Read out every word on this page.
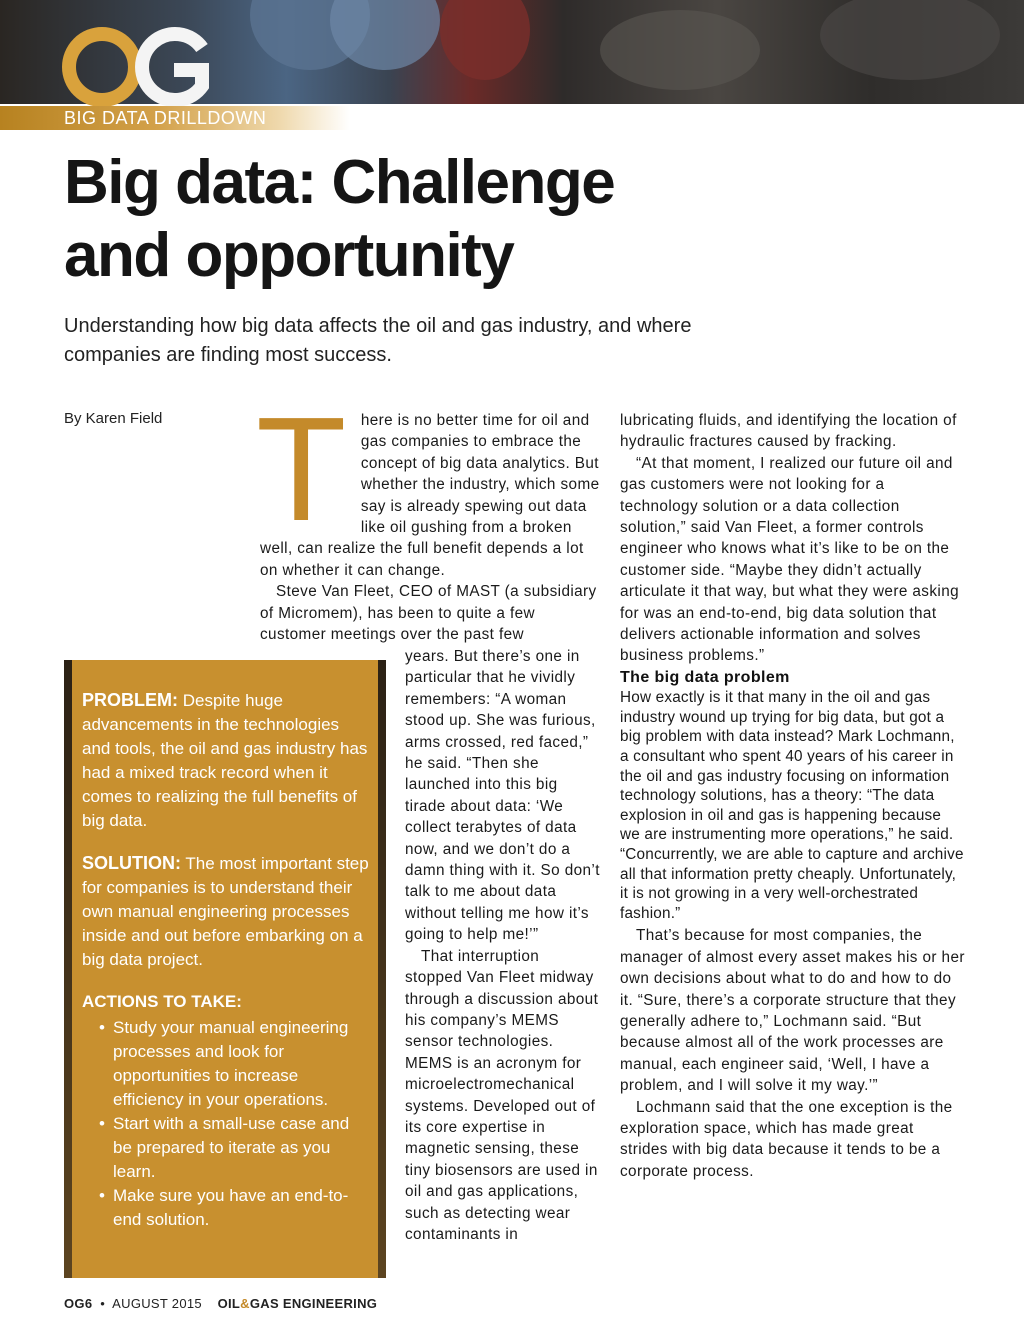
BIG DATA DRILLDOWN
Big data: Challenge
and opportunity

Understanding how big data affects the oil and gas industry, and where companies are finding most success.

By Karen Field T here is no better time for oil and gas companies to embrace the concept of big data analytics. But whether the industry, which some say is already spewing out data like oil gushing from a broken well, can realize the full benefit depends a lot on whether it can change.

Steve Van Fleet, CEO of MAST (a subsidiary of Micromem), has been to quite a few customer meetings over the past few

years. But there’s one in particular that he vividly remembers: “A woman stood up. She was furious, arms crossed, red faced,” he said. “Then she launched into this big tirade about data: ‘We collect terabytes of data now, and we don’t do a damn thing with it. So don’t talk to me about data without telling me how it’s going to help me!’”

That interruption stopped Van Fleet midway through a discussion about his company’s MEMS sensor technologies. MEMS is an acronym for microelectromechanical systems. Developed out of its core expertise in magnetic sensing, these tiny biosensors are used in oil and gas applications, such as detecting wear contaminants in

lubricating fluids, and identifying the location of hydraulic fractures caused by fracking.

“At that moment, I realized our future oil and gas customers were not looking for a technology solution or a data collection solution,” said Van Fleet, a former controls engineer who knows what it’s like to be on the customer side. “Maybe they didn’t actually articulate it that way, but what they were asking for was an end-to-end, big data solution that delivers actionable information and solves business problems.”

The big data problem

How exactly is it that many in the oil and gas industry wound up trying for big data, but got a big problem with data instead? Mark Lochmann, a consultant who spent 40 years of his career in the oil and gas industry focusing on information technology solutions, has a theory: “The data explosion in oil and gas is happening because we are instrumenting more operations,” he said. “Concurrently, we are able to capture and archive all that information pretty cheaply. Unfortunately, it is not growing in a very well-orchestrated fashion.”

That’s because for most companies, the manager of almost every asset makes his or her own decisions about what to do and how to do it. “Sure, there’s a corporate structure that they generally adhere to,” Lochmann said. “But because almost all of the work processes are manual, each engineer said, ‘Well, I have a problem, and I will solve it my way.’”

Lochmann said that the one exception is the exploration space, which has made great strides with big data because it tends to be a corporate process.

PROBLEM: Despite huge advancements in the technologies and tools, the oil and gas industry has had a mixed track record when it comes to realizing the full benefits of big data.

SOLUTION: The most important step for companies is to understand their own manual engineering processes inside and out before embarking on a big data project.

ACTIONS TO TAKE:
• Study your manual engineering processes and look for opportunities to increase efficiency in your operations.
• Start with a small-use case and be prepared to iterate as you learn.
• Make sure you have an end-to-end solution.
OG6 • AUGUST 2015 OIL&GAS ENGINEERING
